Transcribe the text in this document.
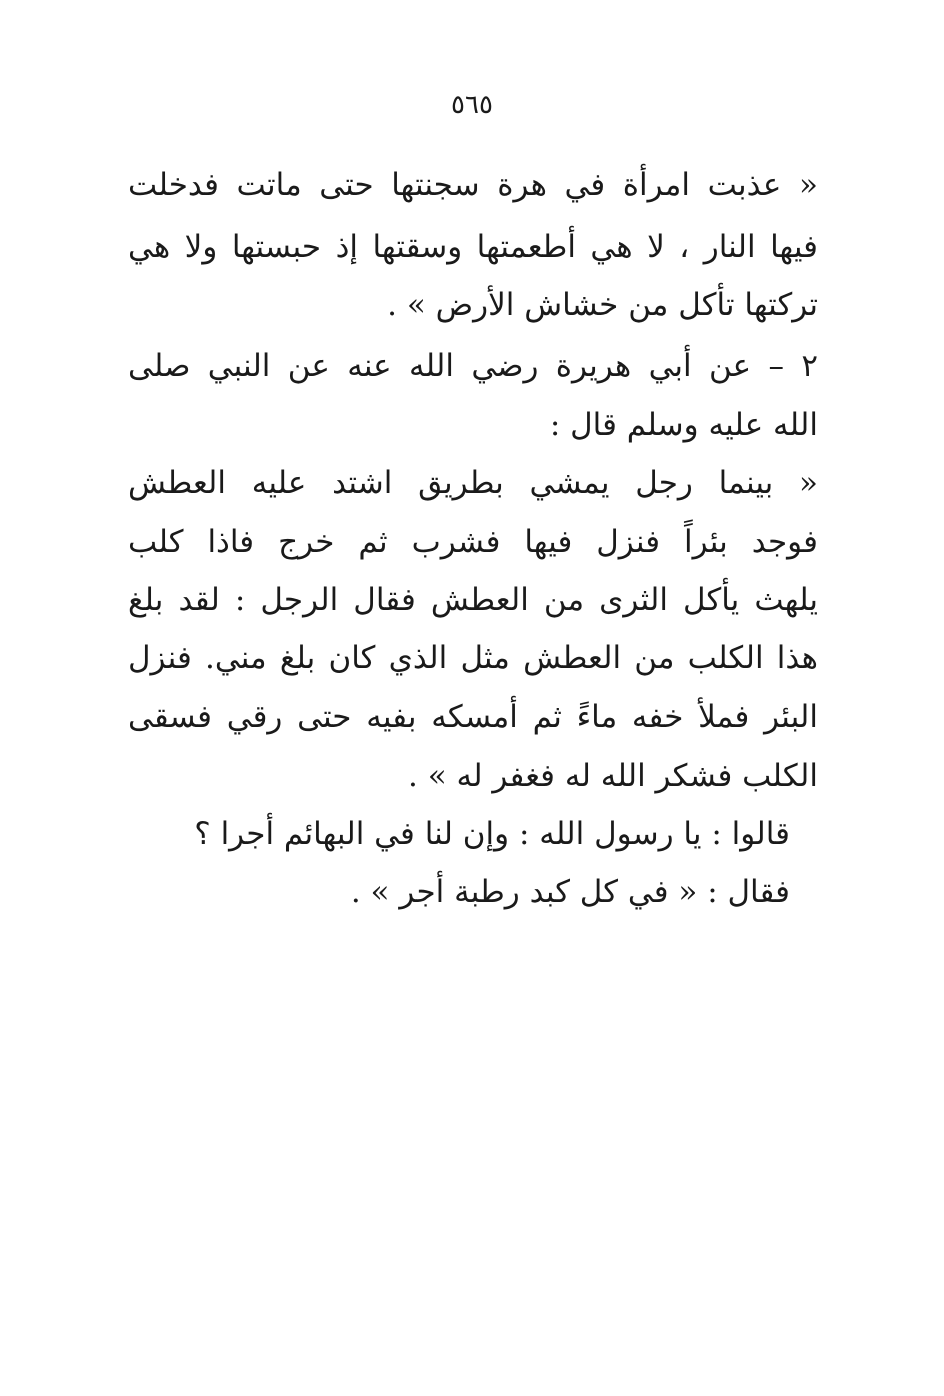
٥٦٥
« عذبت امرأة في هرة سجنتها حتى ماتت فدخلت
فيها النار ، لا هي أطعمتها وسقتها إذ حبستها ولا هي
تركتها تأكل من خشاش الأرض » .
٢ – عن أبي هريرة رضي الله عنه عن النبي صلى
الله عليه وسلم قال :
« بينما رجل يمشي بطريق اشتد عليه العطش
فوجد بئراً فنزل فيها فشرب ثم خرج فاذا كلب
يلهث يأكل الثرى من العطش فقال الرجل : لقد بلغ
هذا الكلب من العطش مثل الذي كان بلغ مني. فنزل
البئر فملأ خفه ماءً ثم أمسكه بفيه حتى رقي فسقى
الكلب فشكر الله له فغفر له » .
قالوا : يا رسول الله : وإن لنا في البهائم أجرا ؟
فقال : « في كل كبد رطبة أجر » .
